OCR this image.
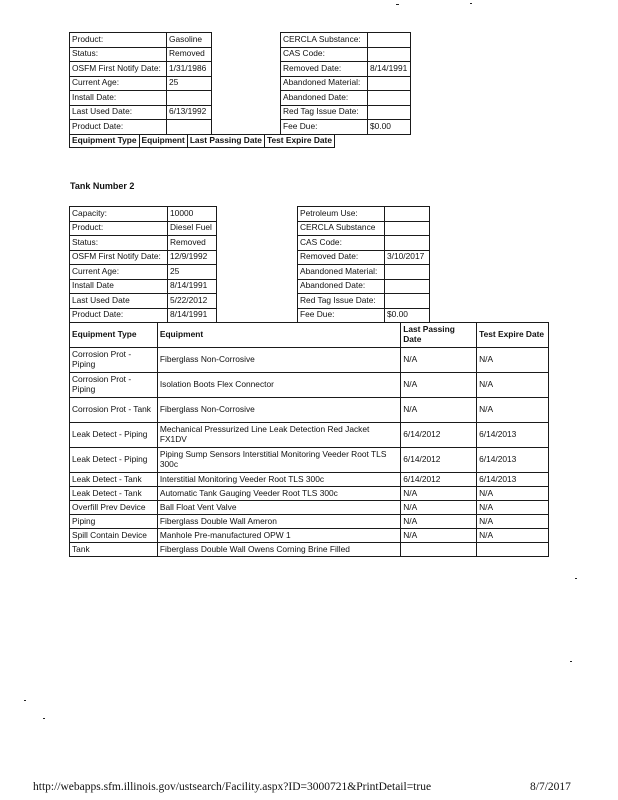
Product:	Gasoline		CERCLA Substance:	
Status:	Removed		CAS Code:	
OSFM First Notify Date:	1/31/1986		Removed Date:	8/14/1991
Current Age:	25		Abandoned Material:	
Install Date:			Abandoned Date:	
Last Used Date:	6/13/1992		Red Tag Issue Date:	
Product Date:			Fee Due:	$0.00
Equipment Type	Equipment	Last Passing Date	Test Expire Date
Tank Number 2
Capacity:	10000		Petroleum Use:	
Product:	Diesel Fuel		CERCLA Substance	
Status:	Removed		CAS Code:	
OSFM First Notify Date:	12/9/1992		Removed Date:	3/10/2017
Current Age:	25		Abandoned Material:	
Install Date	8/14/1991		Abandoned Date:	
Last Used Date	5/22/2012		Red Tag Issue Date:	
Product Date:	8/14/1991		Fee Due:	$0.00
Equipment Type	Equipment	Last Passing Date	Test Expire Date
Corrosion Prot - Piping	Fiberglass Non-Corrosive	N/A	N/A
Corrosion Prot - Piping	Isolation Boots Flex Connector	N/A	N/A
Corrosion Prot - Tank	Fiberglass Non-Corrosive	N/A	N/A
Leak Detect - Piping	Mechanical Pressurized Line Leak Detection Red Jacket FX1DV	6/14/2012	6/14/2013
Leak Detect - Piping	Piping Sump Sensors Interstitial Monitoring Veeder Root TLS 300c	6/14/2012	6/14/2013
Leak Detect - Tank	Interstitial Monitoring Veeder Root TLS 300c	6/14/2012	6/14/2013
Leak Detect - Tank	Automatic Tank Gauging Veeder Root TLS 300c	N/A	N/A
Overfill Prev Device	Ball Float Vent Valve	N/A	N/A
Piping	Fiberglass Double Wall Ameron	N/A	N/A
Spill Contain Device	Manhole Pre-manufactured OPW 1	N/A	N/A
Tank	Fiberglass Double Wall Owens Corning Brine Filled		
http://webapps.sfm.illinois.gov/ustsearch/Facility.aspx?ID=3000721&PrintDetail=true	8/7/2017
